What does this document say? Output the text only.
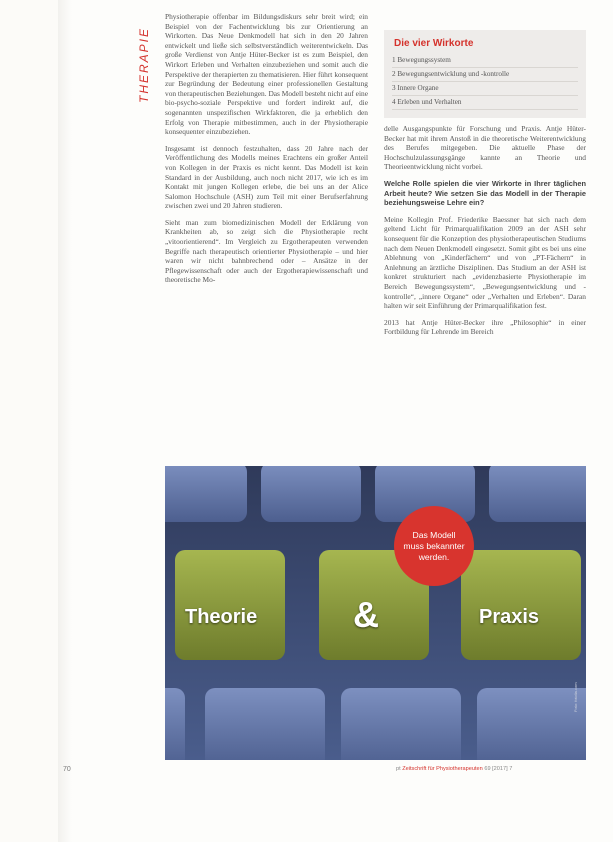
THERAPIE

Physiotherapie offenbar im Bildungsdiskurs sehr breit wird; ein Beispiel von der Fachentwicklung bis zur Orientierung an Wirkorten. Das Neue Denkmodell hat sich in den 20 Jahren entwickelt und ließe sich selbstverständlich weiterentwickeln. Das große Verdienst von Antje Hüter-Becker ist es zum Beispiel, den Wirkort Erleben und Verhalten einzubeziehen und somit auch die Perspektive der therapierten zu thematisieren. Hier führt konsequent zur Begründung der Bedeutung einer professionellen Gestaltung von therapeutischen Beziehungen. Das Modell besteht nicht auf eine bio-psycho-soziale Perspektive und fordert indirekt auf, die sogenannten unspezifischen Wirkfaktoren, die ja erheblich den Erfolg von Therapie mitbestimmen, auch in der Physiotherapie konsequenter einzubeziehen.

Insgesamt ist dennoch festzuhalten, dass 20 Jahre nach der Veröffentlichung des Modells meines Erachtens ein großer Anteil von Kollegen in der Praxis es nicht kennt. Das Modell ist kein Standard in der Ausbildung, auch noch nicht 2017, wie ich es im Kontakt mit jungen Kollegen erlebe, die bei uns an der Alice Salomon Hochschule (ASH) zum Teil mit einer Berufserfahrung zwischen zwei und 20 Jahren studieren.

Sieht man zum biomedizinischen Modell der Erklärung von Krankheiten ab, so zeigt sich die Physiotherapie recht „vitoorientierend“. Im Vergleich zu Ergotherapeuten verwenden Begriffe nach therapeutisch orientierter Physiotherapie – und hier waren wir nicht bahnbrechend oder – Ansätze in der Pflegewissenschaft oder auch der Ergotherapiewissenschaft und theoretische Mo-

Die vier Wirkorte
1 Bewegungssystem
2 Bewegungsentwicklung und -kontrolle
3 Innere Organe
4 Erleben und Verhalten

delle Ausgangspunkte für Forschung und Praxis. Antje Hüter-Becker hat mit ihrem Anstoß in die theoretische Weiterentwicklung des Berufes mitgegeben. Die aktuelle Phase der Hochschulzulassungsgänge kannte an Theorie und Theorieentwicklung nicht vorbei.

Welche Rolle spielen die vier Wirkorte in Ihrer täglichen Arbeit heute? Wie setzen Sie das Modell in der Therapie beziehungsweise Lehre ein?

Meine Kollegin Prof. Friederike Baessner hat sich nach dem geltend Licht für Primarqualifikation 2009 an der ASH sehr konsequent für die Konzeption des physiotherapeutischen Studiums nach dem Neuen Denkmodell eingesetzt. Somit gibt es bei uns eine Ablehnung von „Kinderfächern“ und von „PT-Fächern“ in Anlehnung an ärztliche Disziplinen. Das Studium an der ASH ist konkret strukturiert nach „evidenzbasierte Physiotherapie im Bereich Bewegungssystem“, „Bewegungsentwicklung und -kontrolle“, „innere Organe“ oder „Verhalten und Erleben“. Daran halten wir seit Einführung der Primarqualifikation fest.

2013 hat Antje Hüter-Becker ihre „Philosophie“ in einer Fortbildung für Lehrende im Bereich

Theorie	&	Praxis
Das Modell muss bekannter werden.
Foto: fotolia.com
70	pt Zeitschrift für Physiotherapeuten 69 [2017] 7
